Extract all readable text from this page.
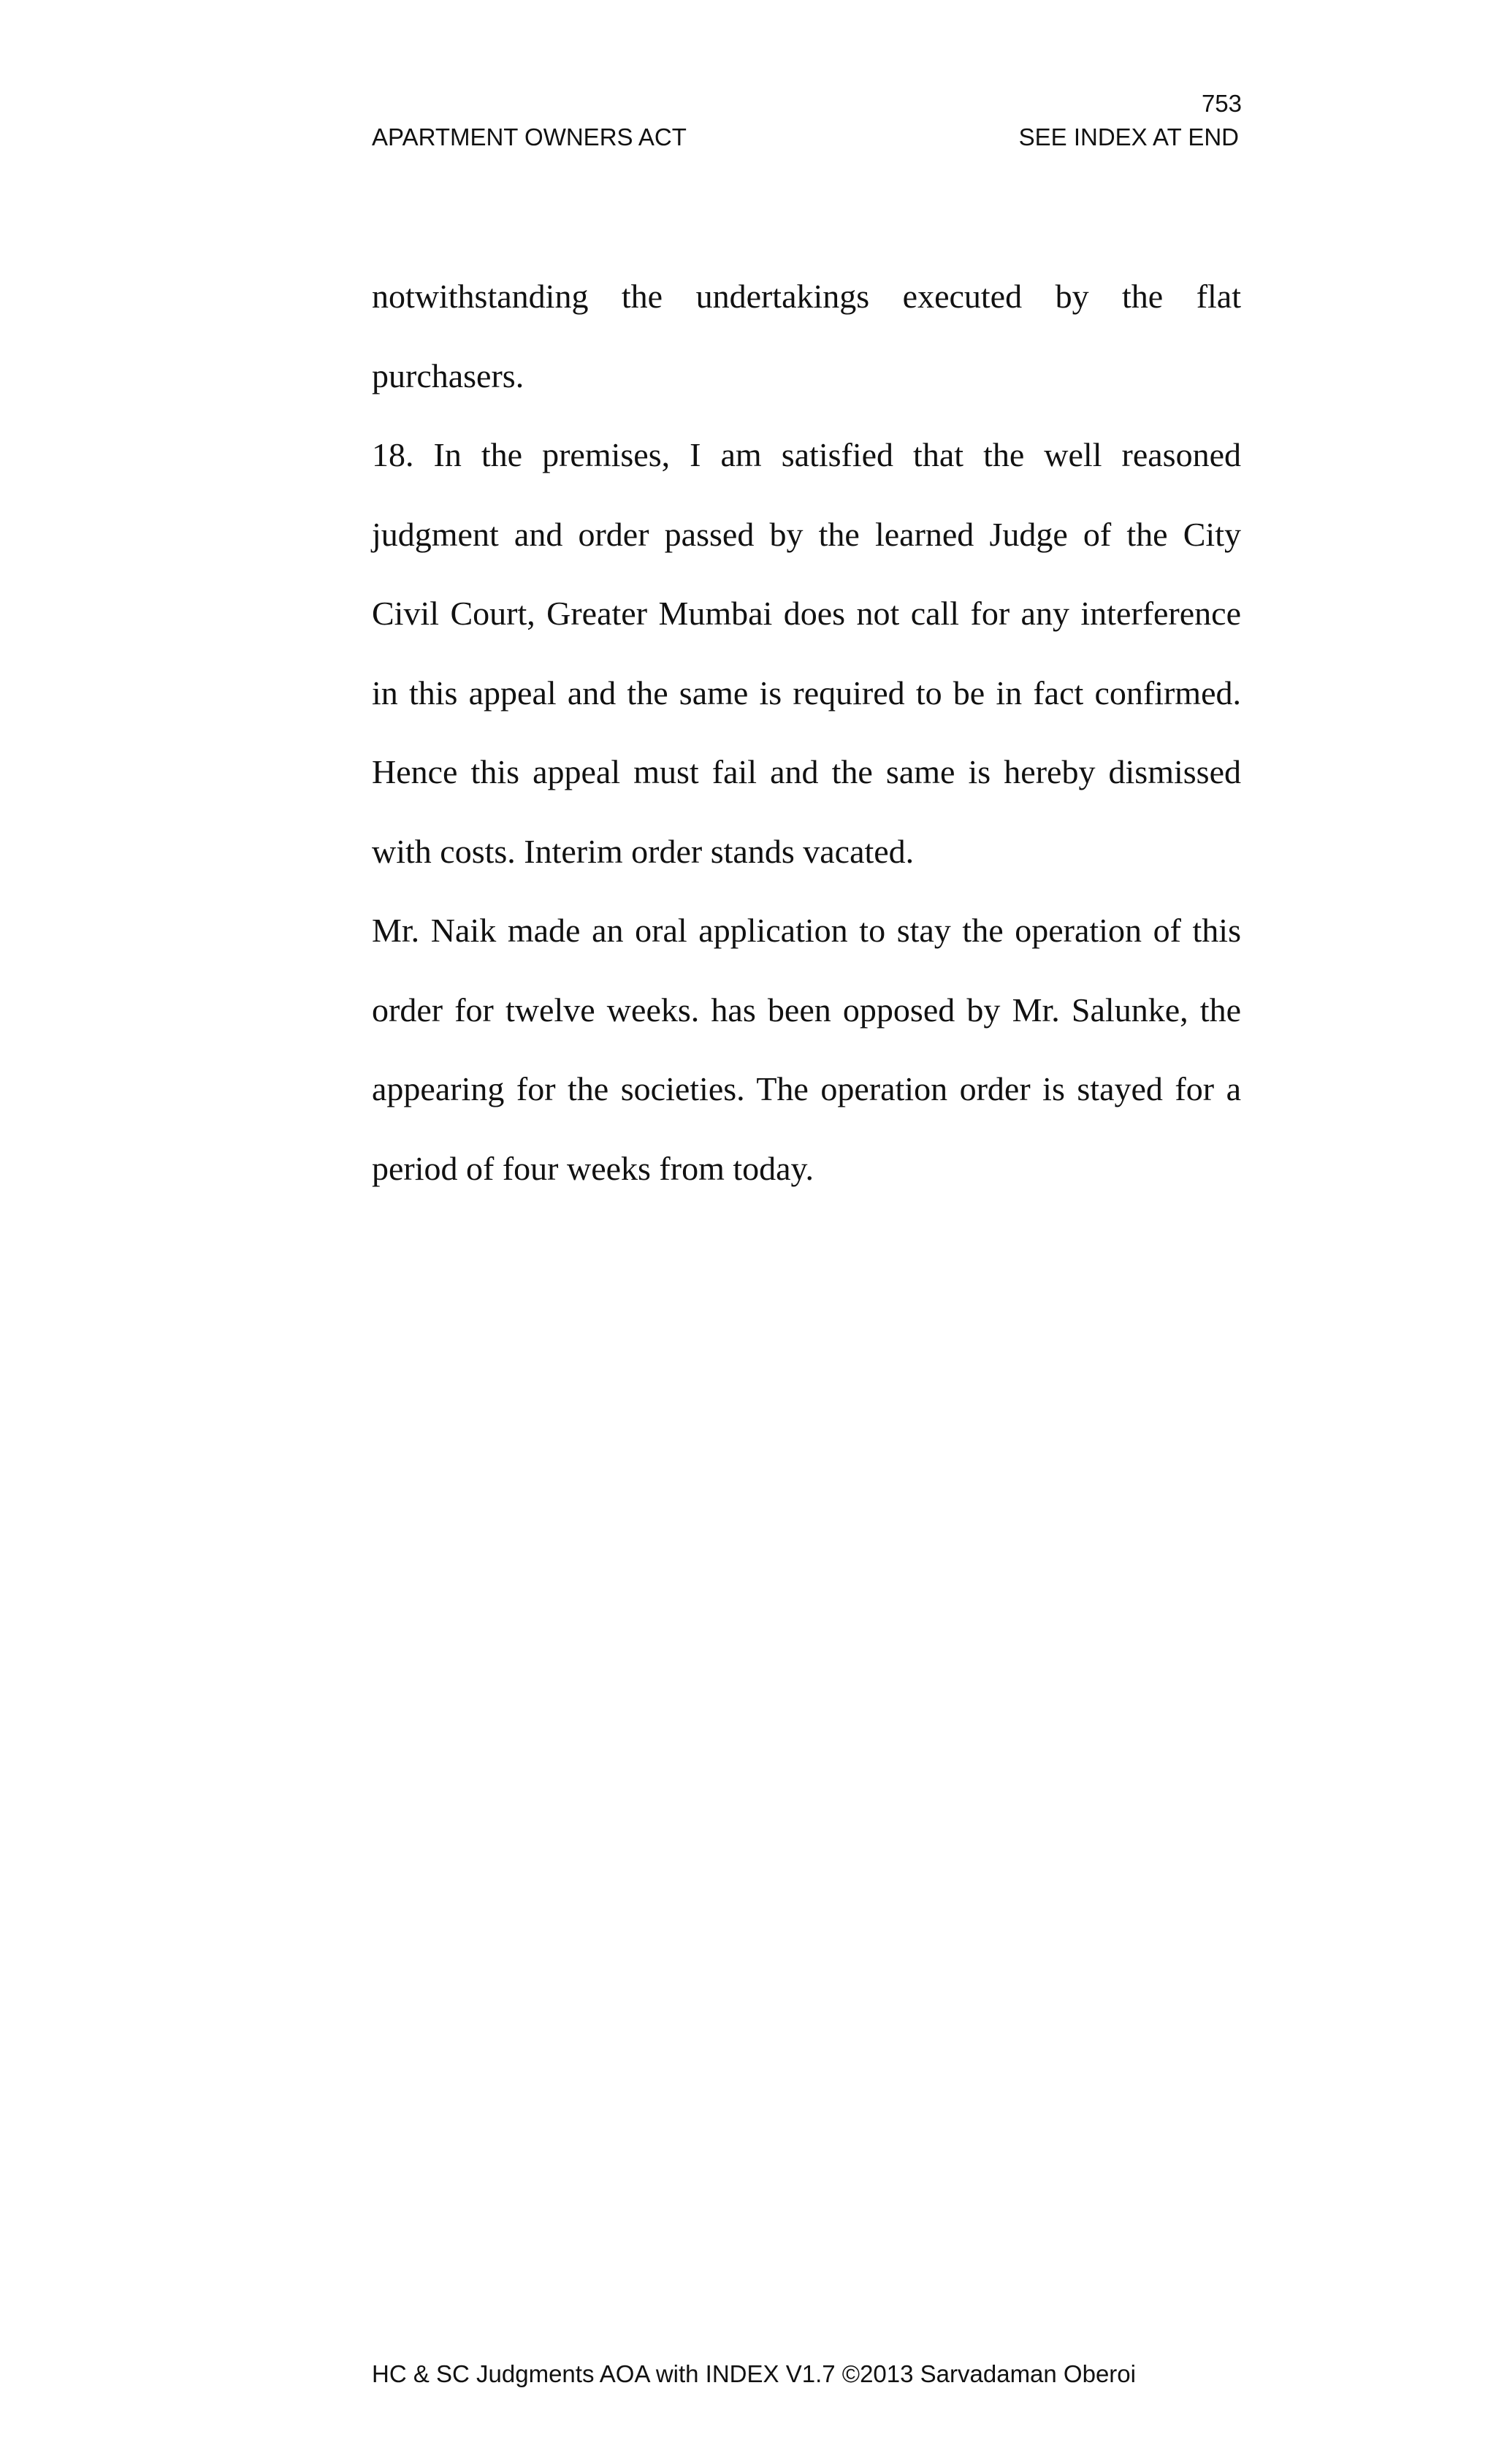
753
APARTMENT OWNERS ACT	SEE INDEX AT END

notwithstanding the undertakings executed by the flat purchasers.

18. In the premises, I am satisfied that the well reasoned judgment and order passed by the learned Judge of the City Civil Court, Greater Mumbai does not call for any interference in this appeal and the same is required to be in fact confirmed. Hence this appeal must fail and the same is hereby dismissed with costs. Interim order stands vacated.

Mr. Naik made an oral application to stay the operation of this order for twelve weeks. has been opposed by Mr. Salunke, the appearing for the societies. The operation order is stayed for a period of four weeks from today.

HC & SC Judgments AOA with INDEX V1.7 ©2013 Sarvadaman Oberoi
